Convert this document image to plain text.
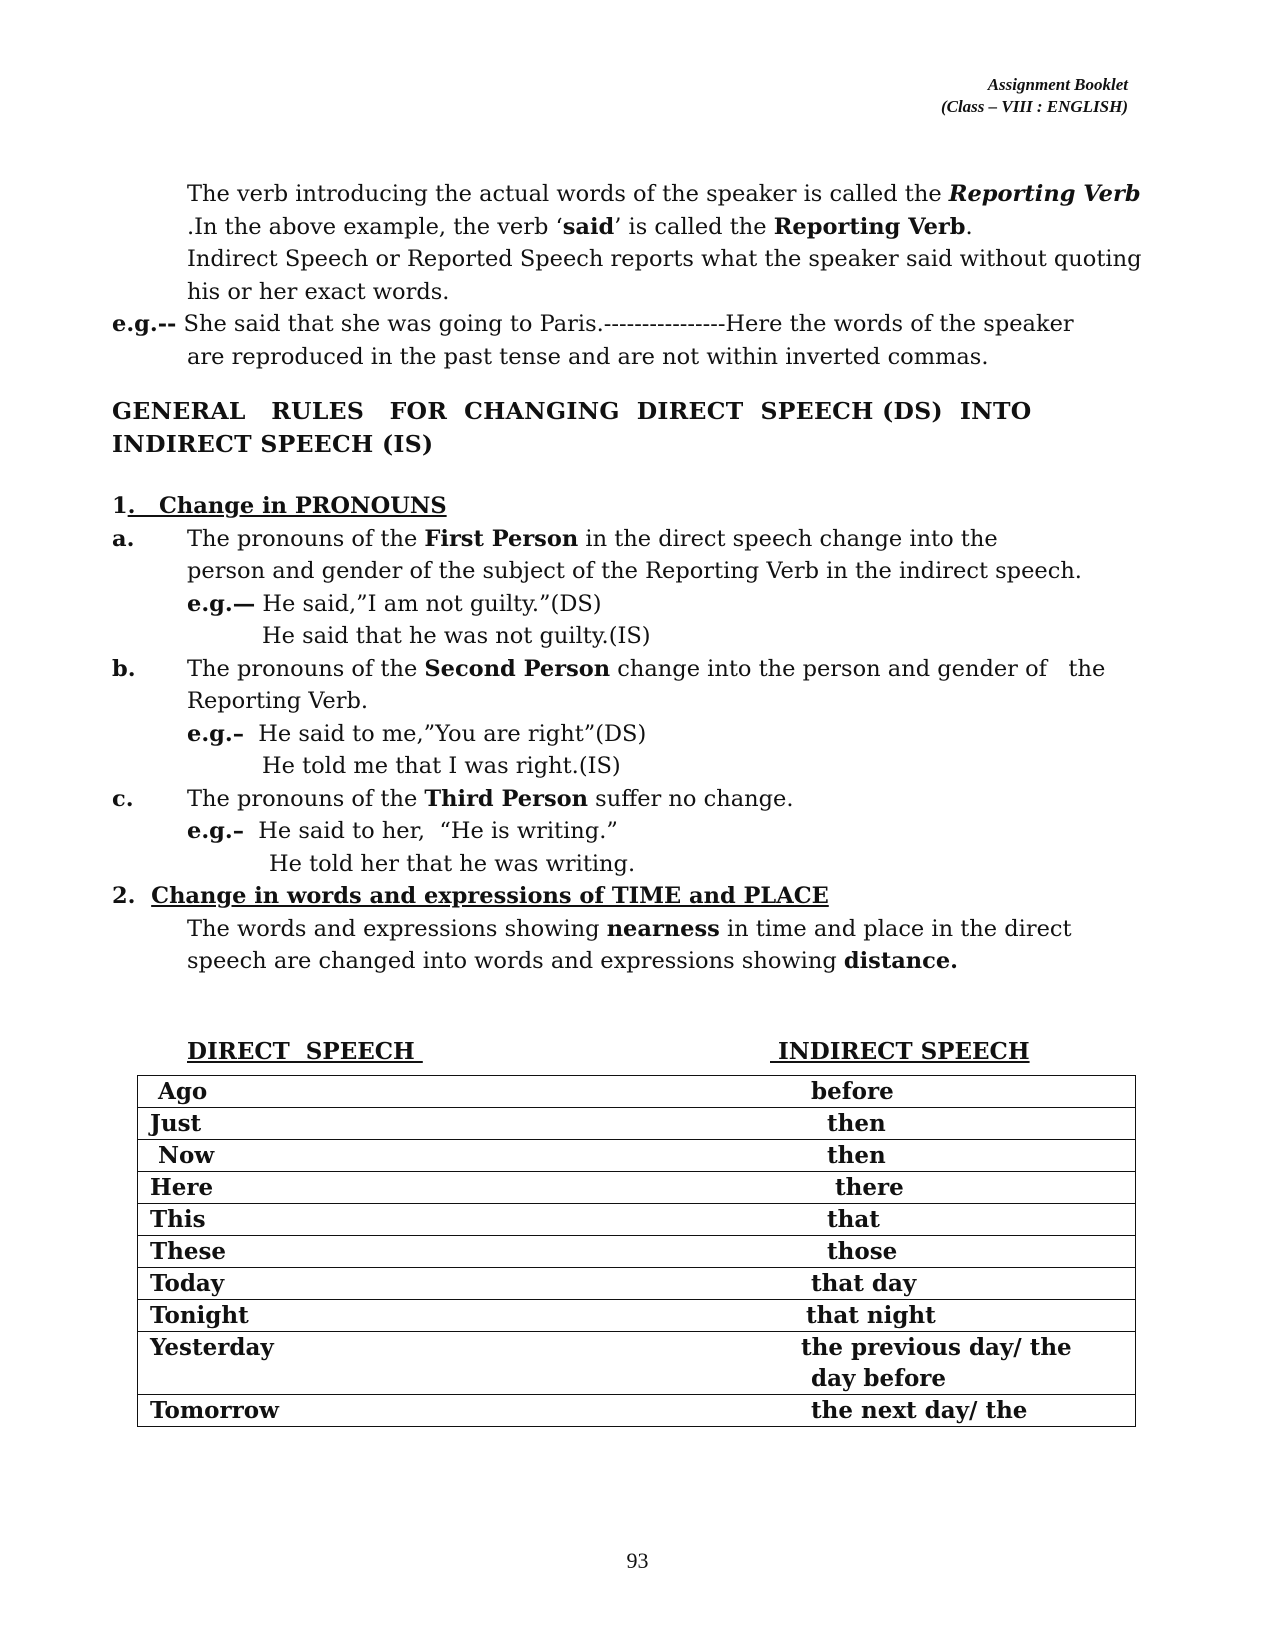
Assignment Booklet
(Class – VIII : ENGLISH)
The verb introducing the actual words of the speaker is called the Reporting Verb
.In the above example, the verb ‘said’ is called the Reporting Verb.
Indirect Speech or Reported Speech reports what the speaker said without quoting
his or her exact words.
e.g.-- She said that she was going to Paris.----------------Here the words of the speaker
are reproduced in the past tense and are not within inverted commas.
GENERAL   RULES   FOR  CHANGING  DIRECT  SPEECH (DS)  INTO
INDIRECT SPEECH (IS)
1.   Change in PRONOUNS
a. The pronouns of the First Person in the direct speech change into the
person and gender of the subject of the Reporting Verb in the indirect speech.
e.g.— He said,”I am not guilty.”(DS)
He said that he was not guilty.(IS)
b. The pronouns of the Second Person change into the person and gender of   the
Reporting Verb.
e.g.–  He said to me,”You are right”(DS)
He told me that I was right.(IS)
c. The pronouns of the Third Person suffer no change.
e.g.–  He said to her,  “He is writing.”
He told her that he was writing.
2.  Change in words and expressions of TIME and PLACE
The words and expressions showing nearness in time and place in the direct
speech are changed into words and expressions showing distance.
DIRECT  SPEECH	INDIRECT SPEECH
Ago	before
Just	then
Now	then
Here	there
This	that
These	those
Today	that day
Tonight	that night
Yesterday	the previous day/ the
day before
Tomorrow	the next day/ the
93
